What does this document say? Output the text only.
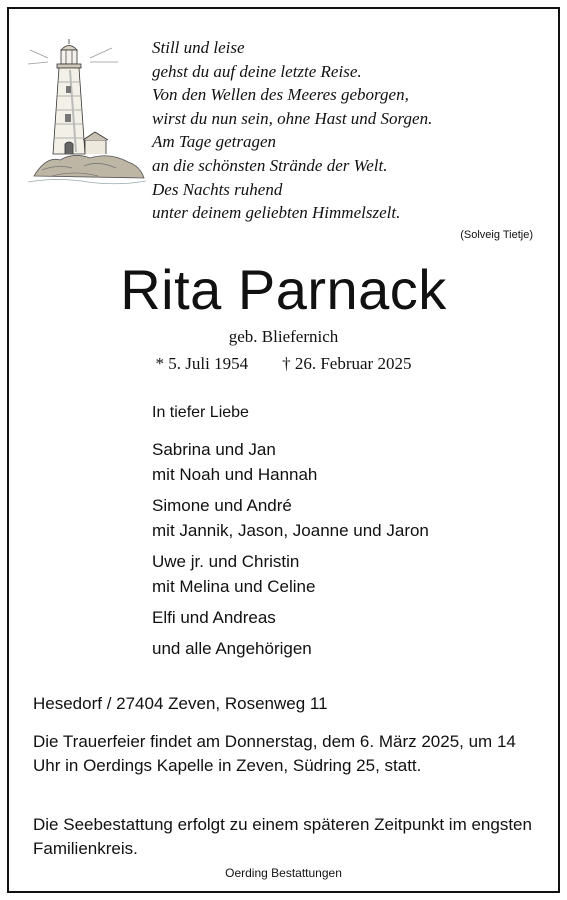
Still und leise
gehst du auf deine letzte Reise.
Von den Wellen des Meeres geborgen,
wirst du nun sein, ohne Hast und Sorgen.
Am Tage getragen
an die schönsten Strände der Welt.
Des Nachts ruhend
unter deinem geliebten Himmelszelt.
(Solveig Tietje)
Rita Parnack
geb. Bliefernich
* 5. Juli 1954 † 26. Februar 2025
In tiefer Liebe
Sabrina und Jan
mit Noah und Hannah
Simone und André
mit Jannik, Jason, Joanne und Jaron
Uwe jr. und Christin
mit Melina und Celine
Elfi und Andreas
und alle Angehörigen
Hesedorf / 27404 Zeven, Rosenweg 11
Die Trauerfeier findet am Donnerstag, dem 6. März 2025, um 14 Uhr in Oerdings Kapelle in Zeven, Südring 25, statt.
Die Seebestattung erfolgt zu einem späteren Zeitpunkt im engsten Familienkreis.
Oerding Bestattungen
